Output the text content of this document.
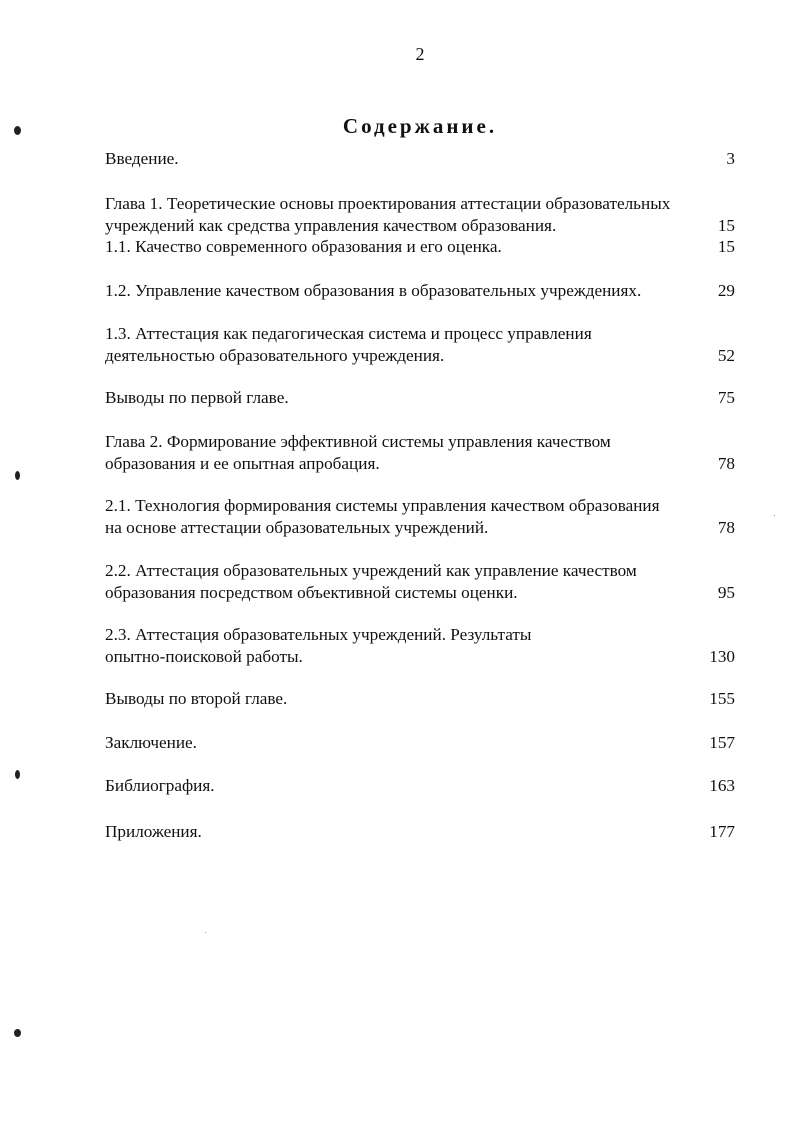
2
Содержание.
Введение.	3
Глава 1. Теоретические основы проектирования аттестации образовательных
учреждений как средства управления качеством образования.	15
1.1. Качество современного образования и его оценка.	15
1.2. Управление качеством образования в образовательных учреждениях.	29
1.3. Аттестация как педагогическая система и процесс управления
деятельностью образовательного учреждения.	52
Выводы по первой главе.	75
Глава 2. Формирование эффективной системы управления качеством
образования и ее опытная апробация.	78
2.1. Технология формирования системы управления качеством образования
на основе аттестации образовательных учреждений.	78
2.2. Аттестация образовательных учреждений как управление качеством
образования посредством объективной системы оценки.	95
2.3. Аттестация образовательных учреждений. Результаты
опытно-поисковой работы.	130
Выводы по второй главе.	155
Заключение.	157
Библиография.	163
Приложения.	177
